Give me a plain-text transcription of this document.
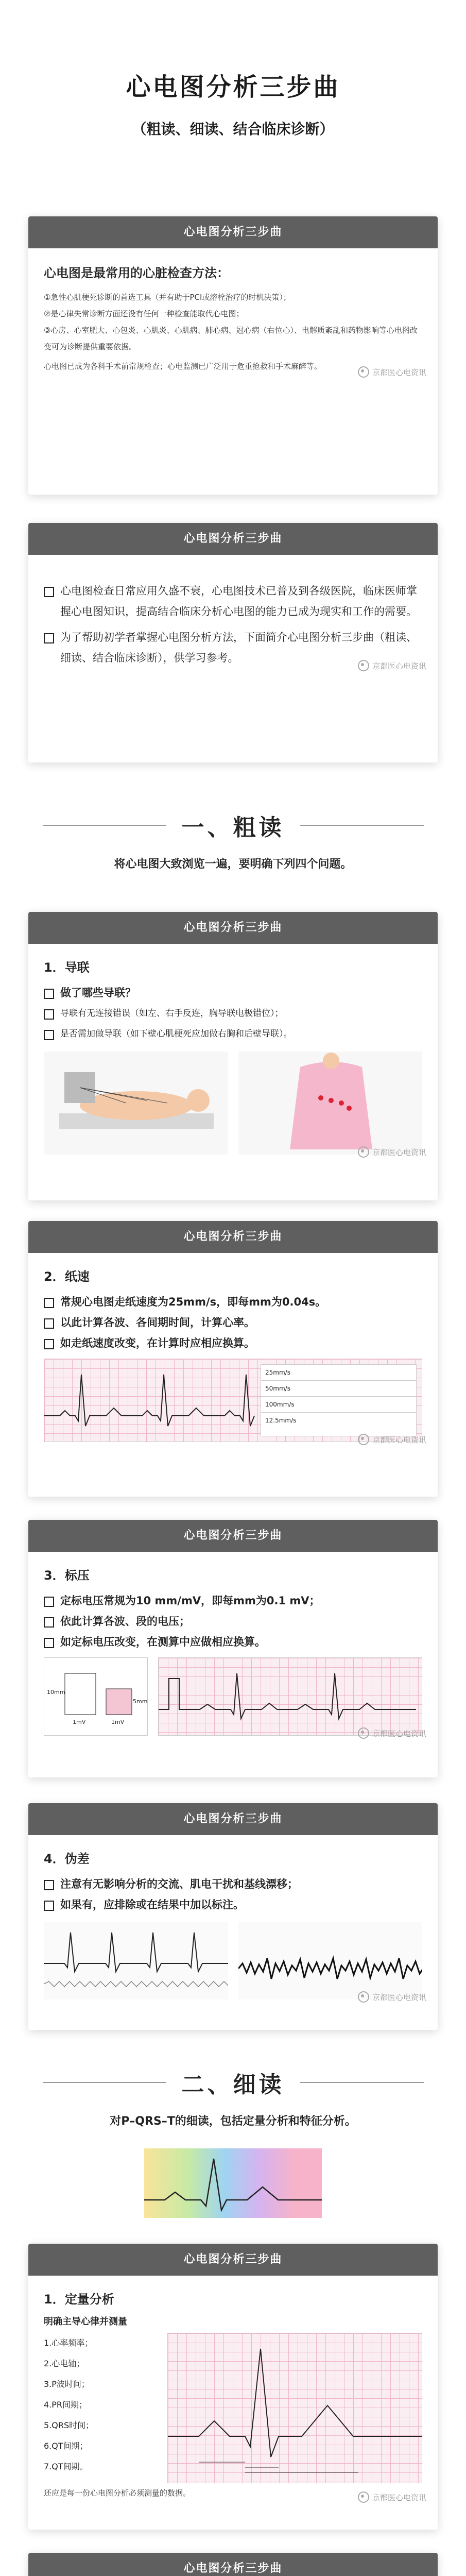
心电图分析三步曲
（粗读、细读、结合临床诊断）
心电图分析三步曲
心电图是最常用的心脏检查方法：

①急性心肌梗死诊断的首选工具（并有助于PCI或溶栓治疗的时机决策）；

②是心律失常诊断方面还没有任何一种检查能取代心电图；

③心房、心室肥大、心包炎、心肌炎、心肌病、肺心病、冠心病（右位心）、电解质紊乱和药物影响等心电图改变可为诊断提供重要依据。

心电图已成为各科手术前常规检查；心电监测已广泛用于危重抢救和手术麻醉等。

京都医心电资讯
心电图分析三步曲
心电图检查日常应用久盛不衰，心电图技术已普及到各级医院，临床医师掌握心电图知识，提高结合临床分析心电图的能力已成为现实和工作的需要。
为了帮助初学者掌握心电图分析方法，下面简介心电图分析三步曲（粗读、细读、结合临床诊断），供学习参考。
京都医心电资讯
一、粗读
将心电图大致浏览一遍，要明确下列四个问题。
心电图分析三步曲
1．导联
做了哪些导联？
导联有无连接错误（如左、右手反连，胸导联电极错位）；
是否需加做导联（如下壁心肌梗死应加做右胸和后壁导联）。
京都医心电资讯
心电图分析三步曲
2．纸速
常规心电图走纸速度为25mm/s，即每mm为0.04s。
以此计算各波、各间期时间，计算心率。
如走纸速度改变，在计算时应相应换算。
25mm/s
50mm/s
100mm/s
12.5mm/s
京都医心电资讯
心电图分析三步曲
3．标压
定标电压常规为10 mm/mV，即每mm为0.1 mV；
依此计算各波、段的电压；
如定标电压改变，在测算中应做相应换算。
10mm
1mV
5mm
1mV
京都医心电资讯
心电图分析三步曲
4．伪差
注意有无影响分析的交流、肌电干扰和基线漂移；
如果有，应排除或在结果中加以标注。
京都医心电资讯
二、细读
对P–QRS–T的细读，包括定量分析和特征分析。
心电图分析三步曲
1．定量分析
明确主导心律并测量
1.心率频率；
2.心电轴；
3.P波时间；
4.PR间期；
5.QRS时间；
6.QT间期；
7.QT间期。
还应是每一份心电图分析必须测量的数据。	京都医心电资讯
心电图分析三步曲
